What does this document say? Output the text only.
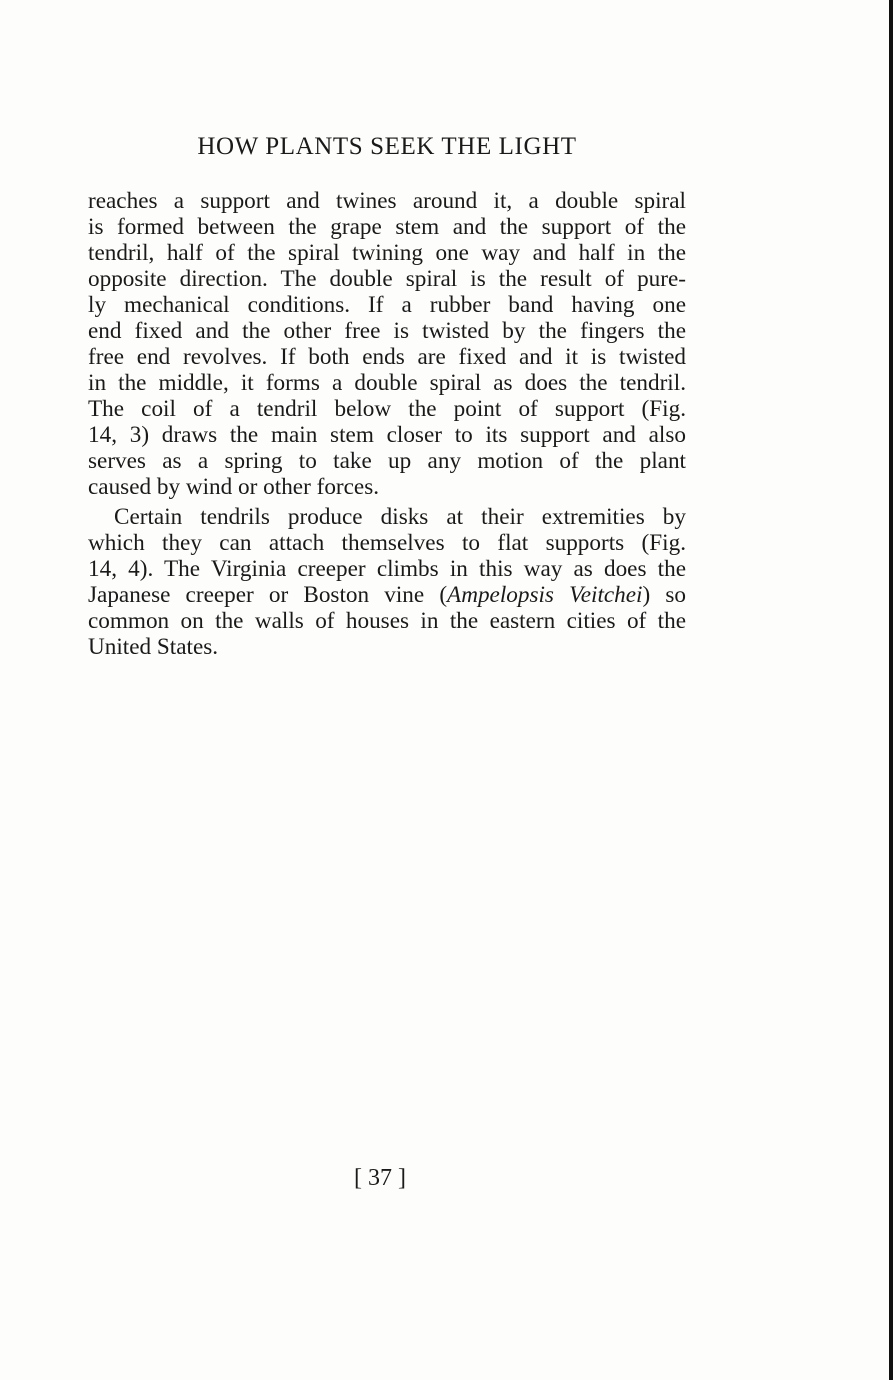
HOW PLANTS SEEK THE LIGHT

reaches a support and twines around it, a double spiral
is formed between the grape stem and the support of the
tendril, half of the spiral twining one way and half in the
opposite direction. The double spiral is the result of pure-
ly mechanical conditions. If a rubber band having one
end fixed and the other free is twisted by the fingers the
free end revolves. If both ends are fixed and it is twisted
in the middle, it forms a double spiral as does the tendril.
The coil of a tendril below the point of support (Fig.
14, 3) draws the main stem closer to its support and also
serves as a spring to take up any motion of the plant
caused by wind or other forces.

Certain tendrils produce disks at their extremities by
which they can attach themselves to flat supports (Fig.
14, 4). The Virginia creeper climbs in this way as does the
Japanese creeper or Boston vine (Ampelopsis Veitchei) so
common on the walls of houses in the eastern cities of the
United States.

[ 37 ]
